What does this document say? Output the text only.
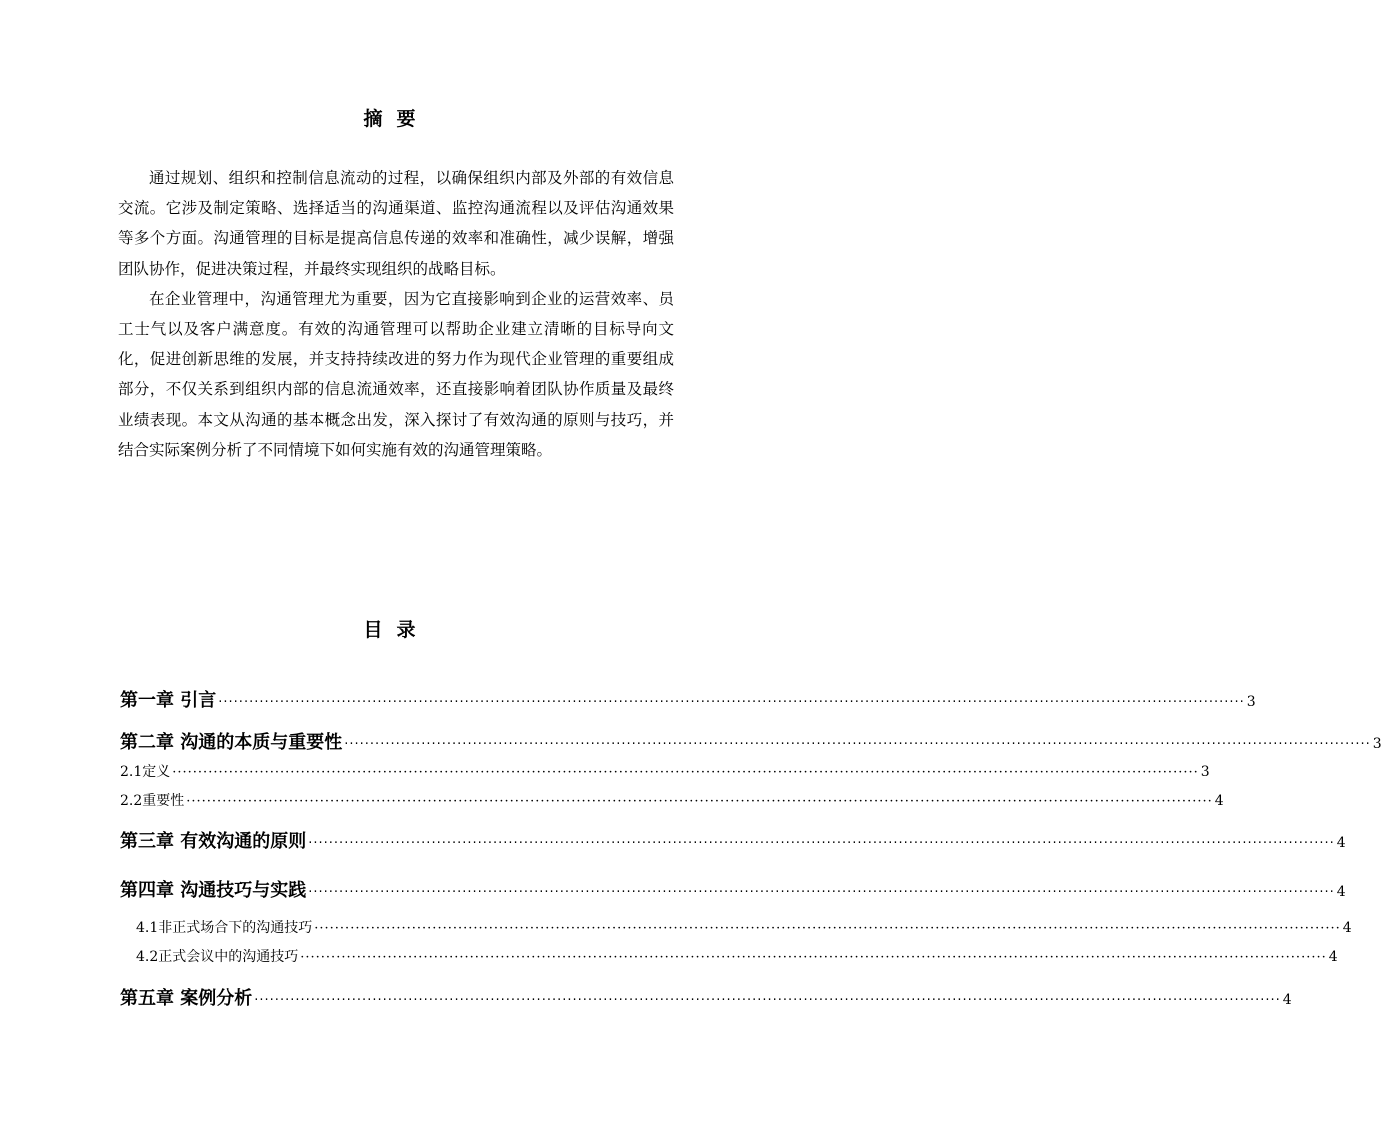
摘要

通过规划、组织和控制信息流动的过程，以确保组织内部及外部的有效信息交流。它涉及制定策略、选择适当的沟通渠道、监控沟通流程以及评估沟通效果等多个方面。沟通管理的目标是提高信息传递的效率和准确性，减少误解，增强团队协作，促进决策过程，并最终实现组织的战略目标。

在企业管理中，沟通管理尤为重要，因为它直接影响到企业的运营效率、员工士气以及客户满意度。有效的沟通管理可以帮助企业建立清晰的目标导向文化，促进创新思维的发展，并支持持续改进的努力作为现代企业管理的重要组成部分，不仅关系到组织内部的信息流通效率，还直接影响着团队协作质量及最终业绩表现。本文从沟通的基本概念出发，深入探讨了有效沟通的原则与技巧，并结合实际案例分析了不同情境下如何实施有效的沟通管理策略。

目录
第一章 引言 ········································································································································································································ 3
第二章 沟通的本质与重要性 ········································································································································································································ 3
2.1 定义 ········································································································································································································ 3
2.2 重要性 ········································································································································································································ 4
第三章 有效沟通的原则 ········································································································································································································ 4
第四章 沟通技巧与实践 ········································································································································································································ 4
4.1 非正式场合下的沟通技巧 ········································································································································································································ 4
4.2 正式会议中的沟通技巧 ········································································································································································································ 4
第五章 案例分析 ········································································································································································································ 4
